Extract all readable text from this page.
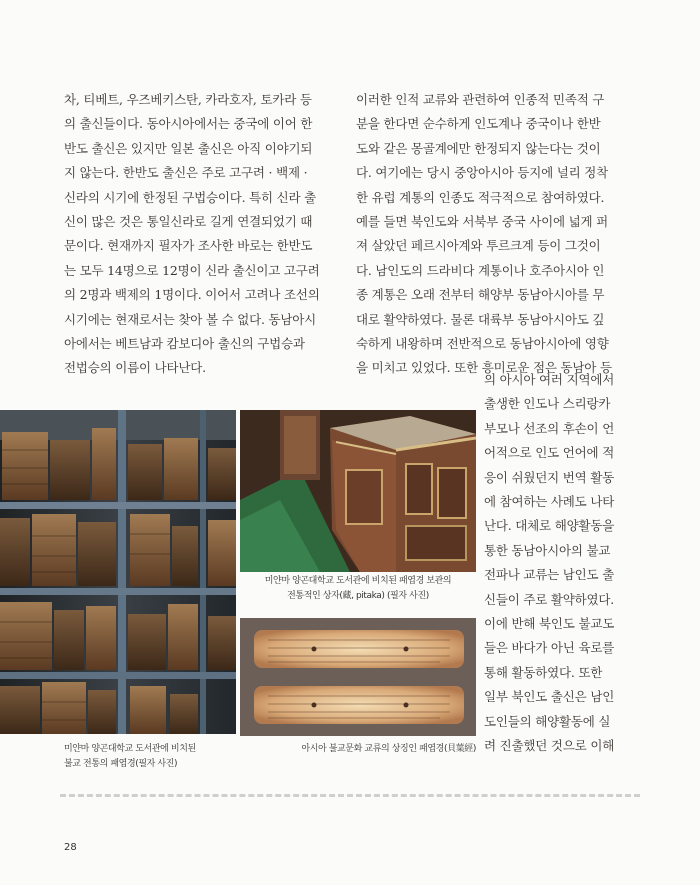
차, 티베트, 우즈베키스탄, 카라호자, 토카라 등
의 출신들이다. 동아시아에서는 중국에 이어 한
반도 출신은 있지만 일본 출신은 아직 이야기되
지 않는다. 한반도 출신은 주로 고구려 · 백제 ·
신라의 시기에 한정된 구법승이다. 특히 신라 출
신이 많은 것은 통일신라로 길게 연결되었기 때
문이다. 현재까지 필자가 조사한 바로는 한반도
는 모두 14명으로 12명이 신라 출신이고 고구려
의 2명과 백제의 1명이다. 이어서 고려나 조선의
시기에는 현재로서는 찾아 볼 수 없다. 동남아시
아에서는 베트남과 캄보디아 출신의 구법승과
전법승의 이름이 나타난다.
이러한 인적 교류와 관련하여 인종적 민족적 구
분을 한다면 순수하게 인도계나 중국이나 한반
도와 같은 몽골계에만 한정되지 않는다는 것이
다. 여기에는 당시 중앙아시아 등지에 널리 정착
한 유럽 계통의 인종도 적극적으로 참여하였다.
예를 들면 북인도와 서북부 중국 사이에 넓게 퍼
져 살았던 페르시아계와 투르크계 등이 그것이
다. 남인도의 드라비다 계통이나 호주아시아 인
종 계통은 오래 전부터 해양부 동남아시아를 무
대로 활약하였다. 물론 대륙부 동남아시아도 깊
숙하게 내왕하며 전반적으로 동남아시아에 영향
을 미치고 있었다. 또한 흥미로운 점은 동남아 등
의 아시아 여러 지역에서
출생한 인도나 스리랑카
부모나 선조의 후손이 언
어적으로 인도 언어에 적
응이 쉬웠던지 번역 활동
에 참여하는 사례도 나타
난다. 대체로 해양활동을
통한 동남아시아의 불교
전파나 교류는 남인도 출
신들이 주로 활약하였다.
이에 반해 북인도 불교도
들은 바다가 아닌 육로를
통해 활동하였다. 또한
일부 북인도 출신은 남인
도인들의 해양활동에 실
려 진출했던 것으로 이해
미얀마 양곤대학교 도서관에 비치된
불교 전통의 패엽경(필자 사진)
미얀마 양곤대학교 도서관에 비치된 패엽경 보관의
전통적인 상자(藏, pitaka) (필자 사진)
아시아 불교문화 교류의 상징인 패엽경(貝葉經)
28
